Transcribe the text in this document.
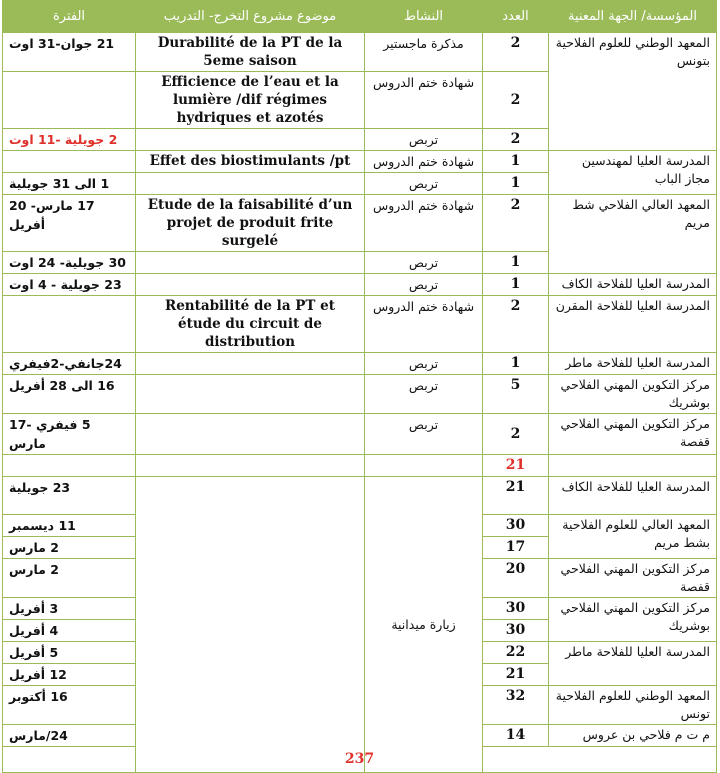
المؤسسة/ الجهة المعنية	العدد	النشاط	موضوع مشروع التخرج- التدريب	الفترة
المعهد الوطني للعلوم الفلاحية بتونس	2	مذكرة ماجستير	Durabilité de la PT de la 5eme saison	21 جوان-31 اوت
	2	شهادة ختم الدروس	Efficience de l’eau et la lumière /dif régimes hydriques et azotés	
	2	تربص		2 جويلية -11 اوت
المدرسة العليا لمهندسين مجاز الباب	1	شهادة ختم الدروس	Effet des biostimulants /pt	
	1	تربص		1 الى 31 جويلية
المعهد العالي الفلاحي شط مريم	2	شهادة ختم الدروس	Etude de la faisabilité d’un projet de produit frite surgelé	17 مارس- 20 أفريل
	1	تربص		30 جويلية- 24 اوت
المدرسة العليا للفلاحة الكاف	1	تربص		23 جويلية - 4 اوت
المدرسة العليا للفلاحة المقرن	2	شهادة ختم الدروس	Rentabilité de la PT et étude du circuit de distribution	
المدرسة العليا للفلاحة ماطر	1	تربص		24جانفي-2فيفري
مركز التكوين المهني الفلاحي بوشريك	5	تربص		16 الى 28 أفريل
مركز التكوين المهني الفلاحي قفصة	2	تربص		5 فيفري -17 مارس
	21			
المدرسة العليا للفلاحة الكاف	21	زيارة ميدانية		23 جويلية
المعهد العالي للعلوم الفلاحية بشط مريم	30			11 ديسمبر
	17			2 مارس
مركز التكوين المهني الفلاحي قفصة	20			2 مارس
مركز التكوين المهني الفلاحي بوشريك	30			3 أفريل
	30			4 أفريل
المدرسة العليا للفلاحة ماطر	22			5 أفريل
	21			12 أفريل
المعهد الوطني للعلوم الفلاحية تونس	32			16 أكتوبر
م ت م فلاحي بن عروس	14			24/مارس
237				
